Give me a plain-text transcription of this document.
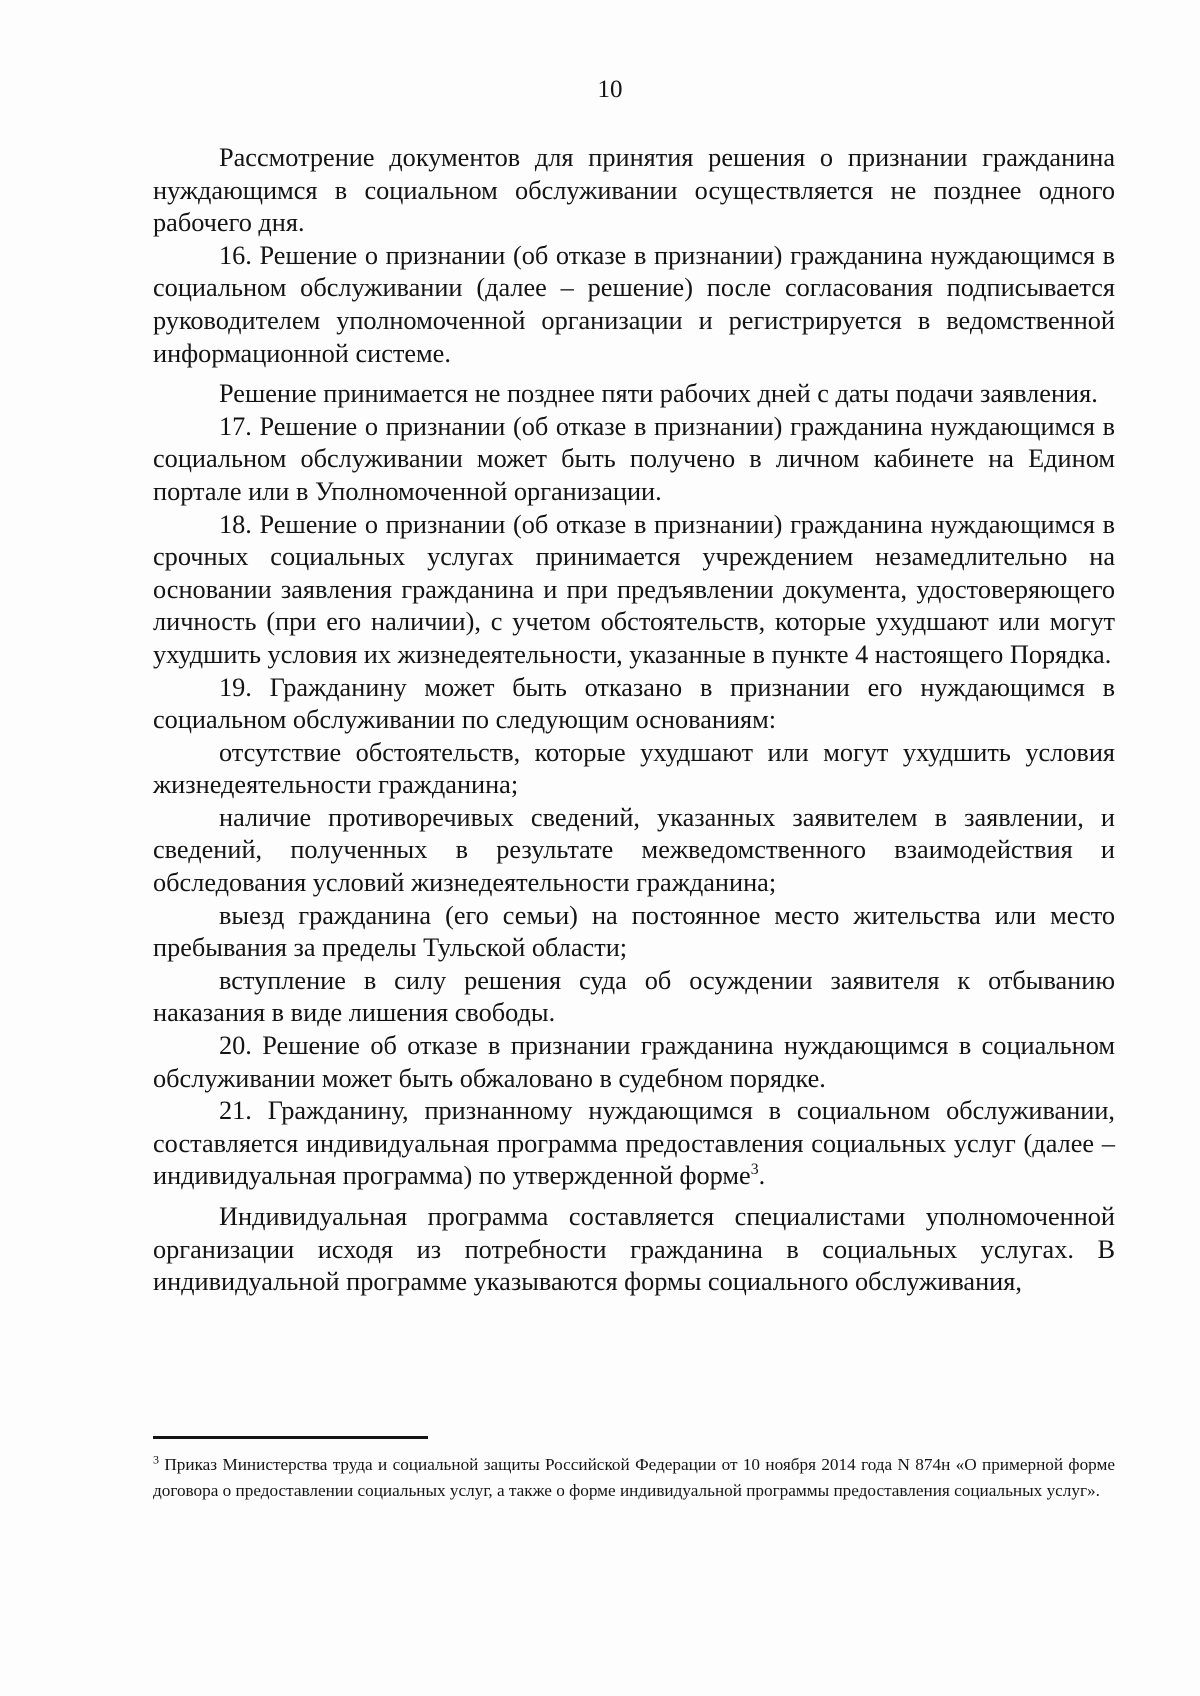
10

Рассмотрение документов для принятия решения о признании гражданина нуждающимся в социальном обслуживании осуществляется не позднее одного рабочего дня.

16. Решение о признании (об отказе в признании) гражданина нуждающимся в социальном обслуживании (далее – решение) после согласования подписывается руководителем уполномоченной организации и регистрируется в ведомственной информационной системе.

Решение принимается не позднее пяти рабочих дней с даты подачи заявления.

17. Решение о признании (об отказе в признании) гражданина нуждающимся в социальном обслуживании может быть получено в личном кабинете на Едином портале или в Уполномоченной организации.

18. Решение о признании (об отказе в признании) гражданина нуждающимся в срочных социальных услугах принимается учреждением незамедлительно на основании заявления гражданина и при предъявлении документа, удостоверяющего личность (при его наличии), с учетом обстоятельств, которые ухудшают или могут ухудшить условия их жизнедеятельности, указанные в пункте 4 настоящего Порядка.

19. Гражданину может быть отказано в признании его нуждающимся в социальном обслуживании по следующим основаниям:

отсутствие обстоятельств, которые ухудшают или могут ухудшить условия жизнедеятельности гражданина;

наличие противоречивых сведений, указанных заявителем в заявлении, и сведений, полученных в результате межведомственного взаимодействия и обследования условий жизнедеятельности гражданина;

выезд гражданина (его семьи) на постоянное место жительства или место пребывания за пределы Тульской области;

вступление в силу решения суда об осуждении заявителя к отбыванию наказания в виде лишения свободы.

20. Решение об отказе в признании гражданина нуждающимся в социальном обслуживании может быть обжаловано в судебном порядке.

21. Гражданину, признанному нуждающимся в социальном обслуживании, составляется индивидуальная программа предоставления социальных услуг (далее – индивидуальная программа) по утвержденной форме$^3$.

Индивидуальная программа составляется специалистами уполномоченной организации исходя из потребности гражданина в социальных услугах. В индивидуальной программе указываются формы социального обслуживания,

$^3$ Приказ Министерства труда и социальной защиты Российской Федерации от 10 ноября 2014 года N 874н «О примерной форме договора о предоставлении социальных услуг, а также о форме индивидуальной программы предоставления социальных услуг».
